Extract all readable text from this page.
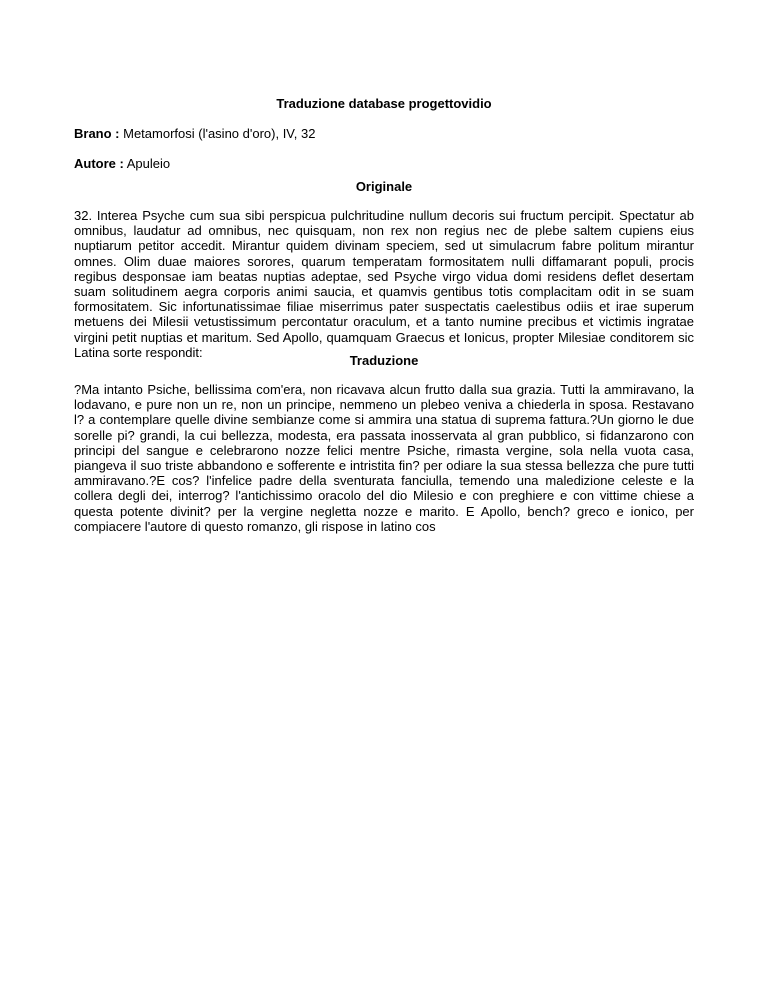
Traduzione database progettovidio
Brano : Metamorfosi (l'asino d'oro), IV, 32
Autore : Apuleio
Originale
32. Interea Psyche cum sua sibi perspicua pulchritudine nullum decoris sui fructum percipit. Spectatur ab omnibus, laudatur ad omnibus, nec quisquam, non rex non regius nec de plebe saltem cupiens eius nuptiarum petitor accedit. Mirantur quidem divinam speciem, sed ut simulacrum fabre politum mirantur omnes. Olim duae maiores sorores, quarum temperatam formositatem nulli diffamarant populi, procis regibus desponsae iam beatas nuptias adeptae, sed Psyche virgo vidua domi residens deflet desertam suam solitudinem aegra corporis animi saucia, et quamvis gentibus totis complacitam odit in se suam formositatem. Sic infortunatissimae filiae miserrimus pater suspectatis caelestibus odiis et irae superum metuens dei Milesii vetustissimum percontatur oraculum, et a tanto numine precibus et victimis ingratae virgini petit nuptias et maritum. Sed Apollo, quamquam Graecus et Ionicus, propter Milesiae conditorem sic Latina sorte respondit:
Traduzione
?Ma intanto Psiche, bellissima com'era, non ricavava alcun frutto dalla sua grazia. Tutti la ammiravano, la lodavano, e pure non un re, non un principe, nemmeno un plebeo veniva a chiederla in sposa. Restavano l? a contemplare quelle divine sembianze come si ammira una statua di suprema fattura.?Un giorno le due sorelle pi? grandi, la cui bellezza, modesta, era passata inosservata al gran pubblico, si fidanzarono con principi del sangue e celebrarono nozze felici mentre Psiche, rimasta vergine, sola nella vuota casa, piangeva il suo triste abbandono e sofferente e intristita fin? per odiare la sua stessa bellezza che pure tutti ammiravano.?E cos? l'infelice padre della sventurata fanciulla, temendo una maledizione celeste e la collera degli dei, interrog? l'antichissimo oracolo del dio Milesio e con preghiere e con vittime chiese a questa potente divinit? per la vergine negletta nozze e marito. E Apollo, bench? greco e ionico, per compiacere l'autore di questo romanzo, gli rispose in latino cos
